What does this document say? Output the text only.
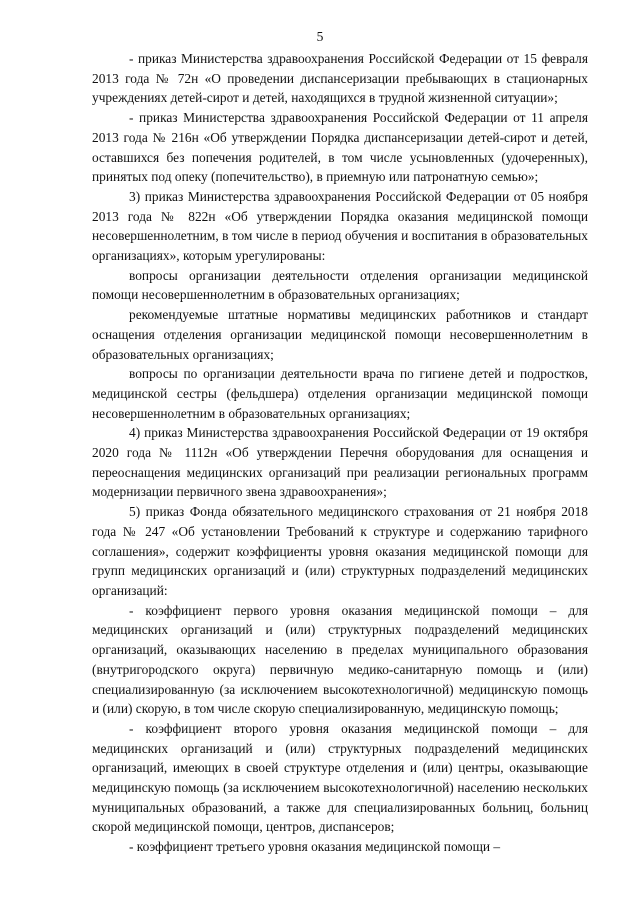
5

- приказ Министерства здравоохранения Российской Федерации от 15 февраля 2013 года № 72н «О проведении диспансеризации пребывающих в стационарных учреждениях детей-сирот и детей, находящихся в трудной жизненной ситуации»;

- приказ Министерства здравоохранения Российской Федерации от 11 апреля 2013 года № 216н «Об утверждении Порядка диспансеризации детей-сирот и детей, оставшихся без попечения родителей, в том числе усыновленных (удочеренных), принятых под опеку (попечительство), в приемную или патронатную семью»;

3) приказ Министерства здравоохранения Российской Федерации от 05 ноября 2013 года № 822н «Об утверждении Порядка оказания медицинской помощи несовершеннолетним, в том числе в период обучения и воспитания в образовательных организациях», которым урегулированы:

вопросы организации деятельности отделения организации медицинской помощи несовершеннолетним в образовательных организациях;

рекомендуемые штатные нормативы медицинских работников и стандарт оснащения отделения организации медицинской помощи несовершеннолетним в образовательных организациях;

вопросы по организации деятельности врача по гигиене детей и подростков, медицинской сестры (фельдшера) отделения организации медицинской помощи несовершеннолетним в образовательных организациях;

4) приказ Министерства здравоохранения Российской Федерации от 19 октября 2020 года № 1112н «Об утверждении Перечня оборудования для оснащения и переоснащения медицинских организаций при реализации региональных программ модернизации первичного звена здравоохранения»;

5) приказ Фонда обязательного медицинского страхования от 21 ноября 2018 года № 247 «Об установлении Требований к структуре и содержанию тарифного соглашения», содержит коэффициенты уровня оказания медицинской помощи для групп медицинских организаций и (или) структурных подразделений медицинских организаций:

- коэффициент первого уровня оказания медицинской помощи – для медицинских организаций и (или) структурных подразделений медицинских организаций, оказывающих населению в пределах муниципального образования (внутригородского округа) первичную медико-санитарную помощь и (или) специализированную (за исключением высокотехнологичной) медицинскую помощь и (или) скорую, в том числе скорую специализированную, медицинскую помощь;

- коэффициент второго уровня оказания медицинской помощи – для медицинских организаций и (или) структурных подразделений медицинских организаций, имеющих в своей структуре отделения и (или) центры, оказывающие медицинскую помощь (за исключением высокотехнологичной) населению нескольких муниципальных образований, а также для специализированных больниц, больниц скорой медицинской помощи, центров, диспансеров;

- коэффициент третьего уровня оказания медицинской помощи –
